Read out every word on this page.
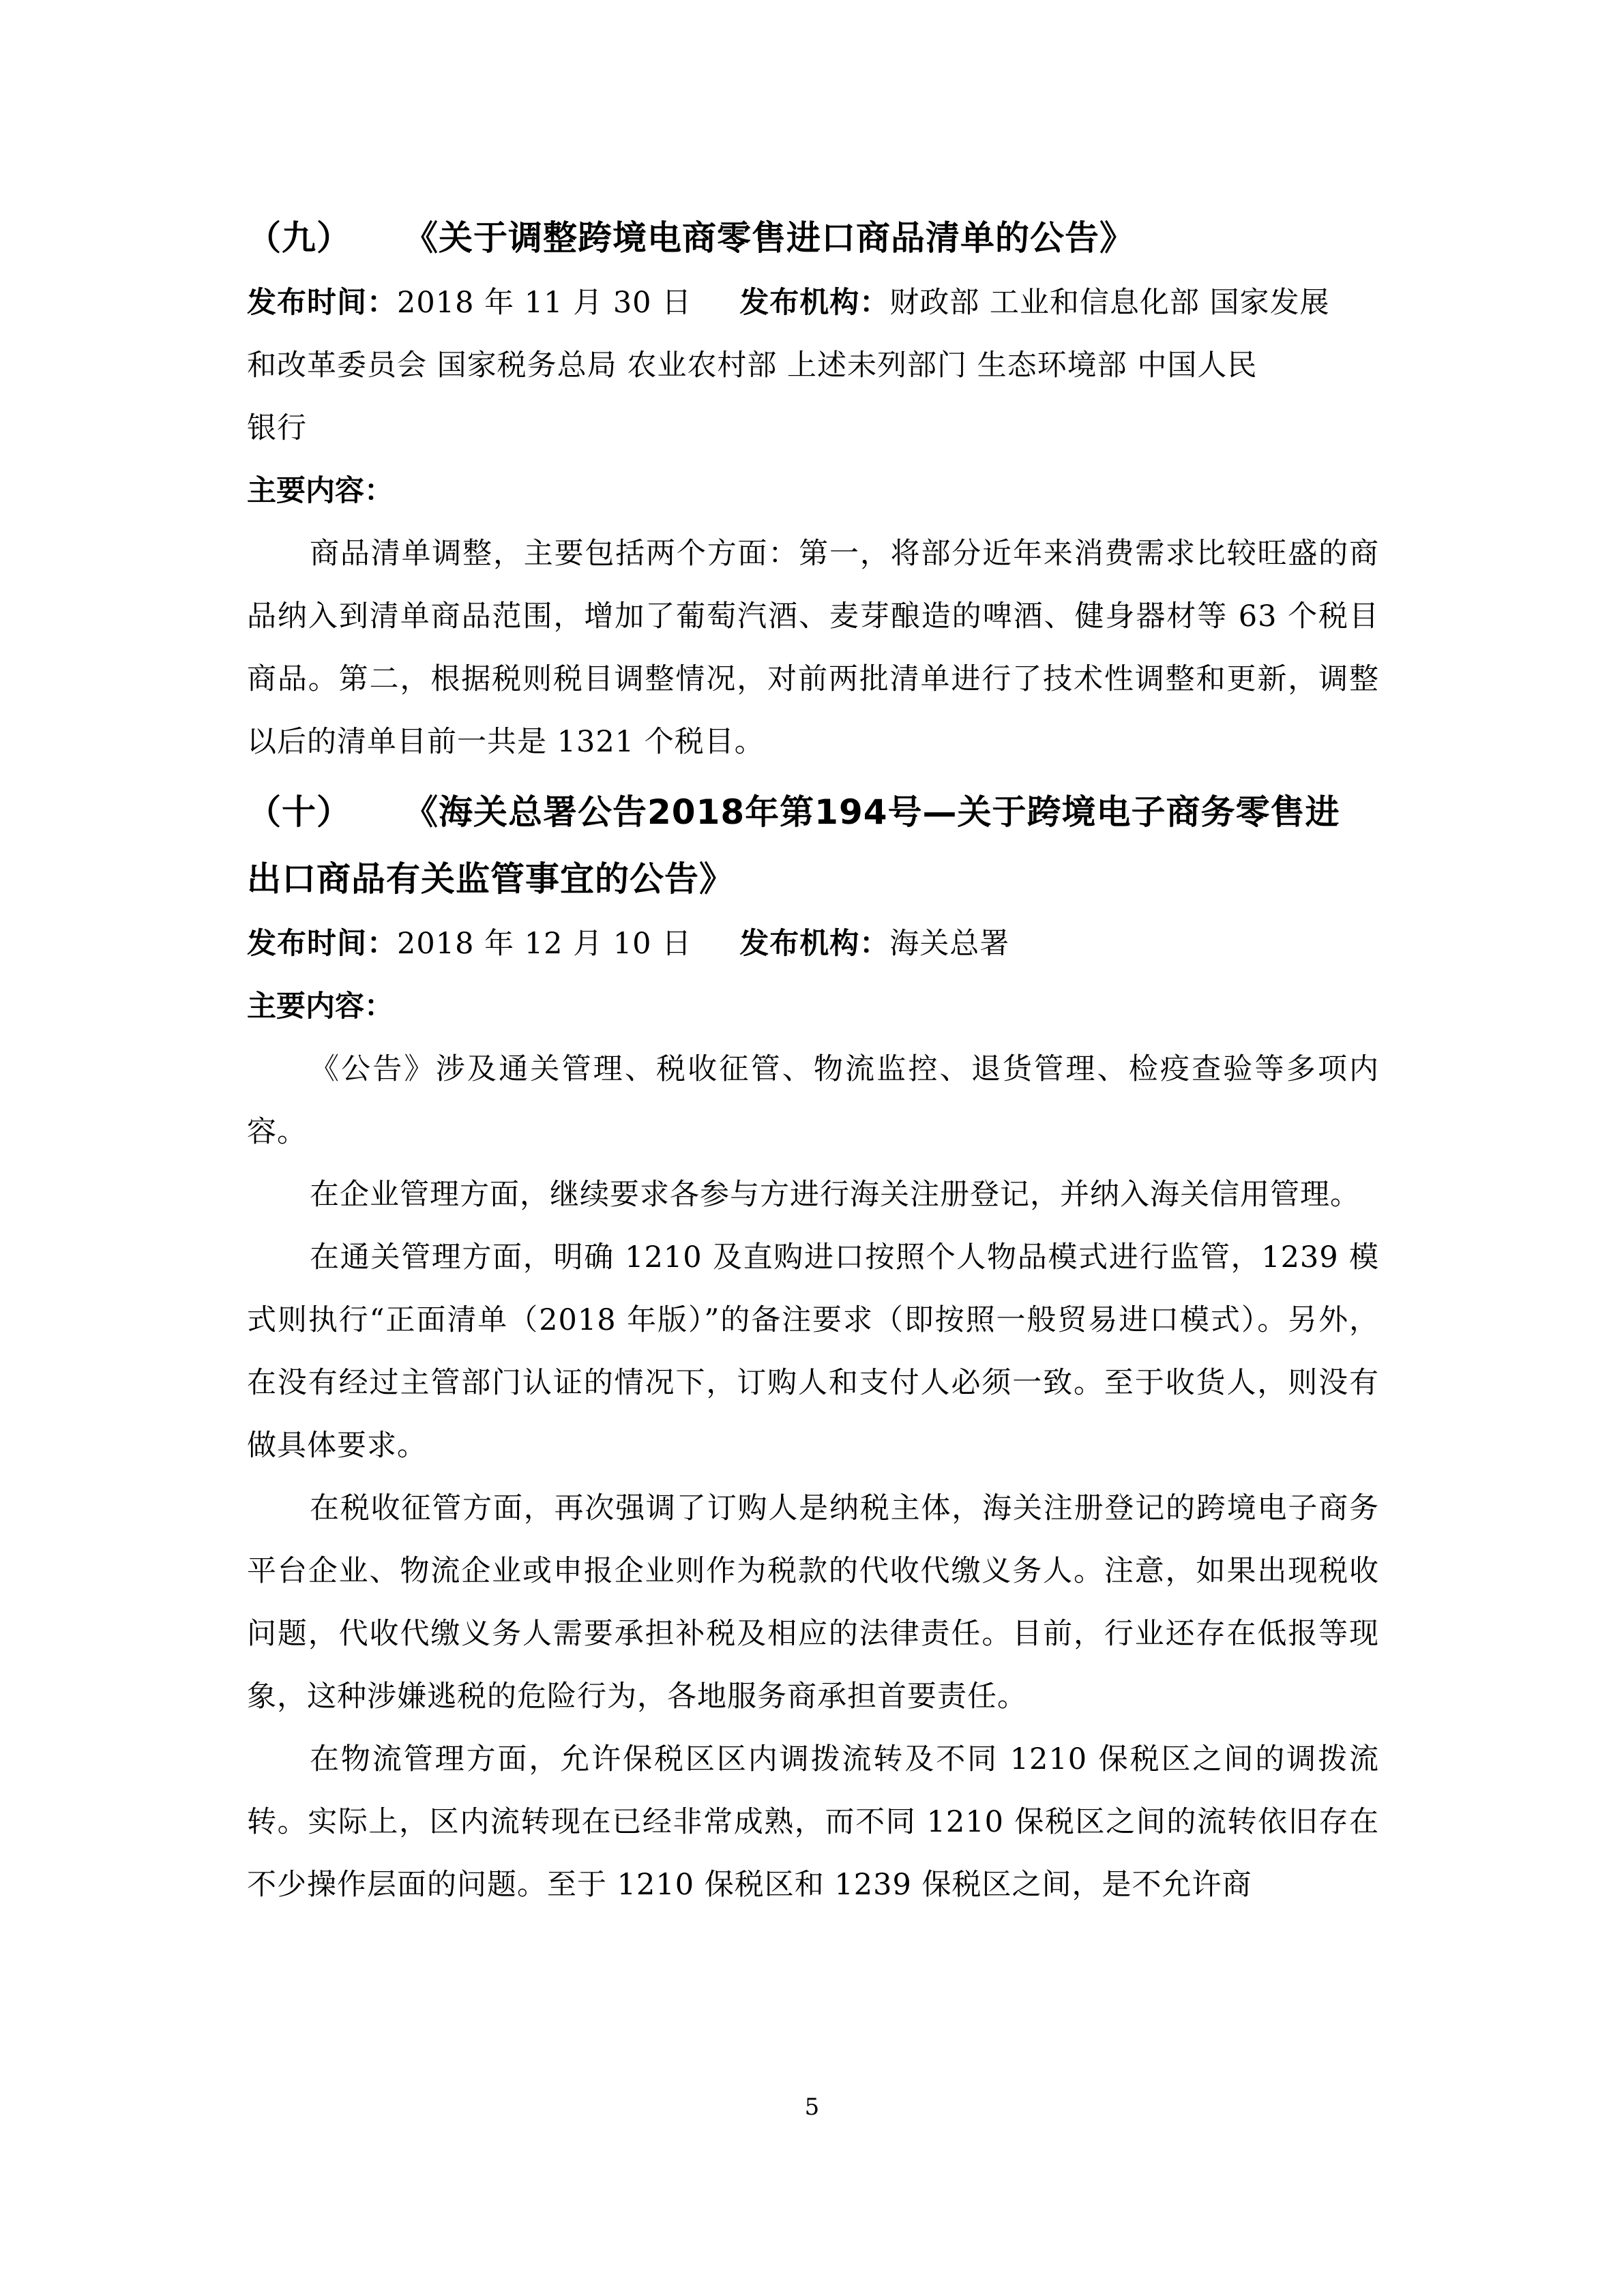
（九） 《关于调整跨境电商零售进口商品清单的公告》

发布时间：2018 年 11 月 30 日 发布机构：财政部 工业和信息化部 国家发展

和改革委员会 国家税务总局 农业农村部 上述未列部门 生态环境部 中国人民

银行

主要内容：

商品清单调整，主要包括两个方面：第一，将部分近年来消费需求比较旺盛的商品纳入到清单商品范围，增加了葡萄汽酒、麦芽酿造的啤酒、健身器材等 63 个税目商品。第二，根据税则税目调整情况，对前两批清单进行了技术性调整和更新，调整以后的清单目前一共是 1321 个税目。

（十） 《海关总署公告2018年第194号—关于跨境电子商务零售进
出口商品有关监管事宜的公告》

发布时间：2018 年 12 月 10 日 发布机构：海关总署

主要内容：

《公告》涉及通关管理、税收征管、物流监控、退货管理、检疫查验等多项内容。

在企业管理方面，继续要求各参与方进行海关注册登记，并纳入海关信用管理。

在通关管理方面，明确 1210 及直购进口按照个人物品模式进行监管，1239 模式则执行“正面清单（2018 年版）”的备注要求（即按照一般贸易进口模式）。另外，在没有经过主管部门认证的情况下，订购人和支付人必须一致。至于收货人，则没有做具体要求。

在税收征管方面，再次强调了订购人是纳税主体，海关注册登记的跨境电子商务平台企业、物流企业或申报企业则作为税款的代收代缴义务人。注意，如果出现税收问题，代收代缴义务人需要承担补税及相应的法律责任。目前，行业还存在低报等现象，这种涉嫌逃税的危险行为，各地服务商承担首要责任。

在物流管理方面，允许保税区区内调拨流转及不同 1210 保税区之间的调拨流转。实际上，区内流转现在已经非常成熟，而不同 1210 保税区之间的流转依旧存在不少操作层面的问题。至于 1210 保税区和 1239 保税区之间，是不允许商

5
